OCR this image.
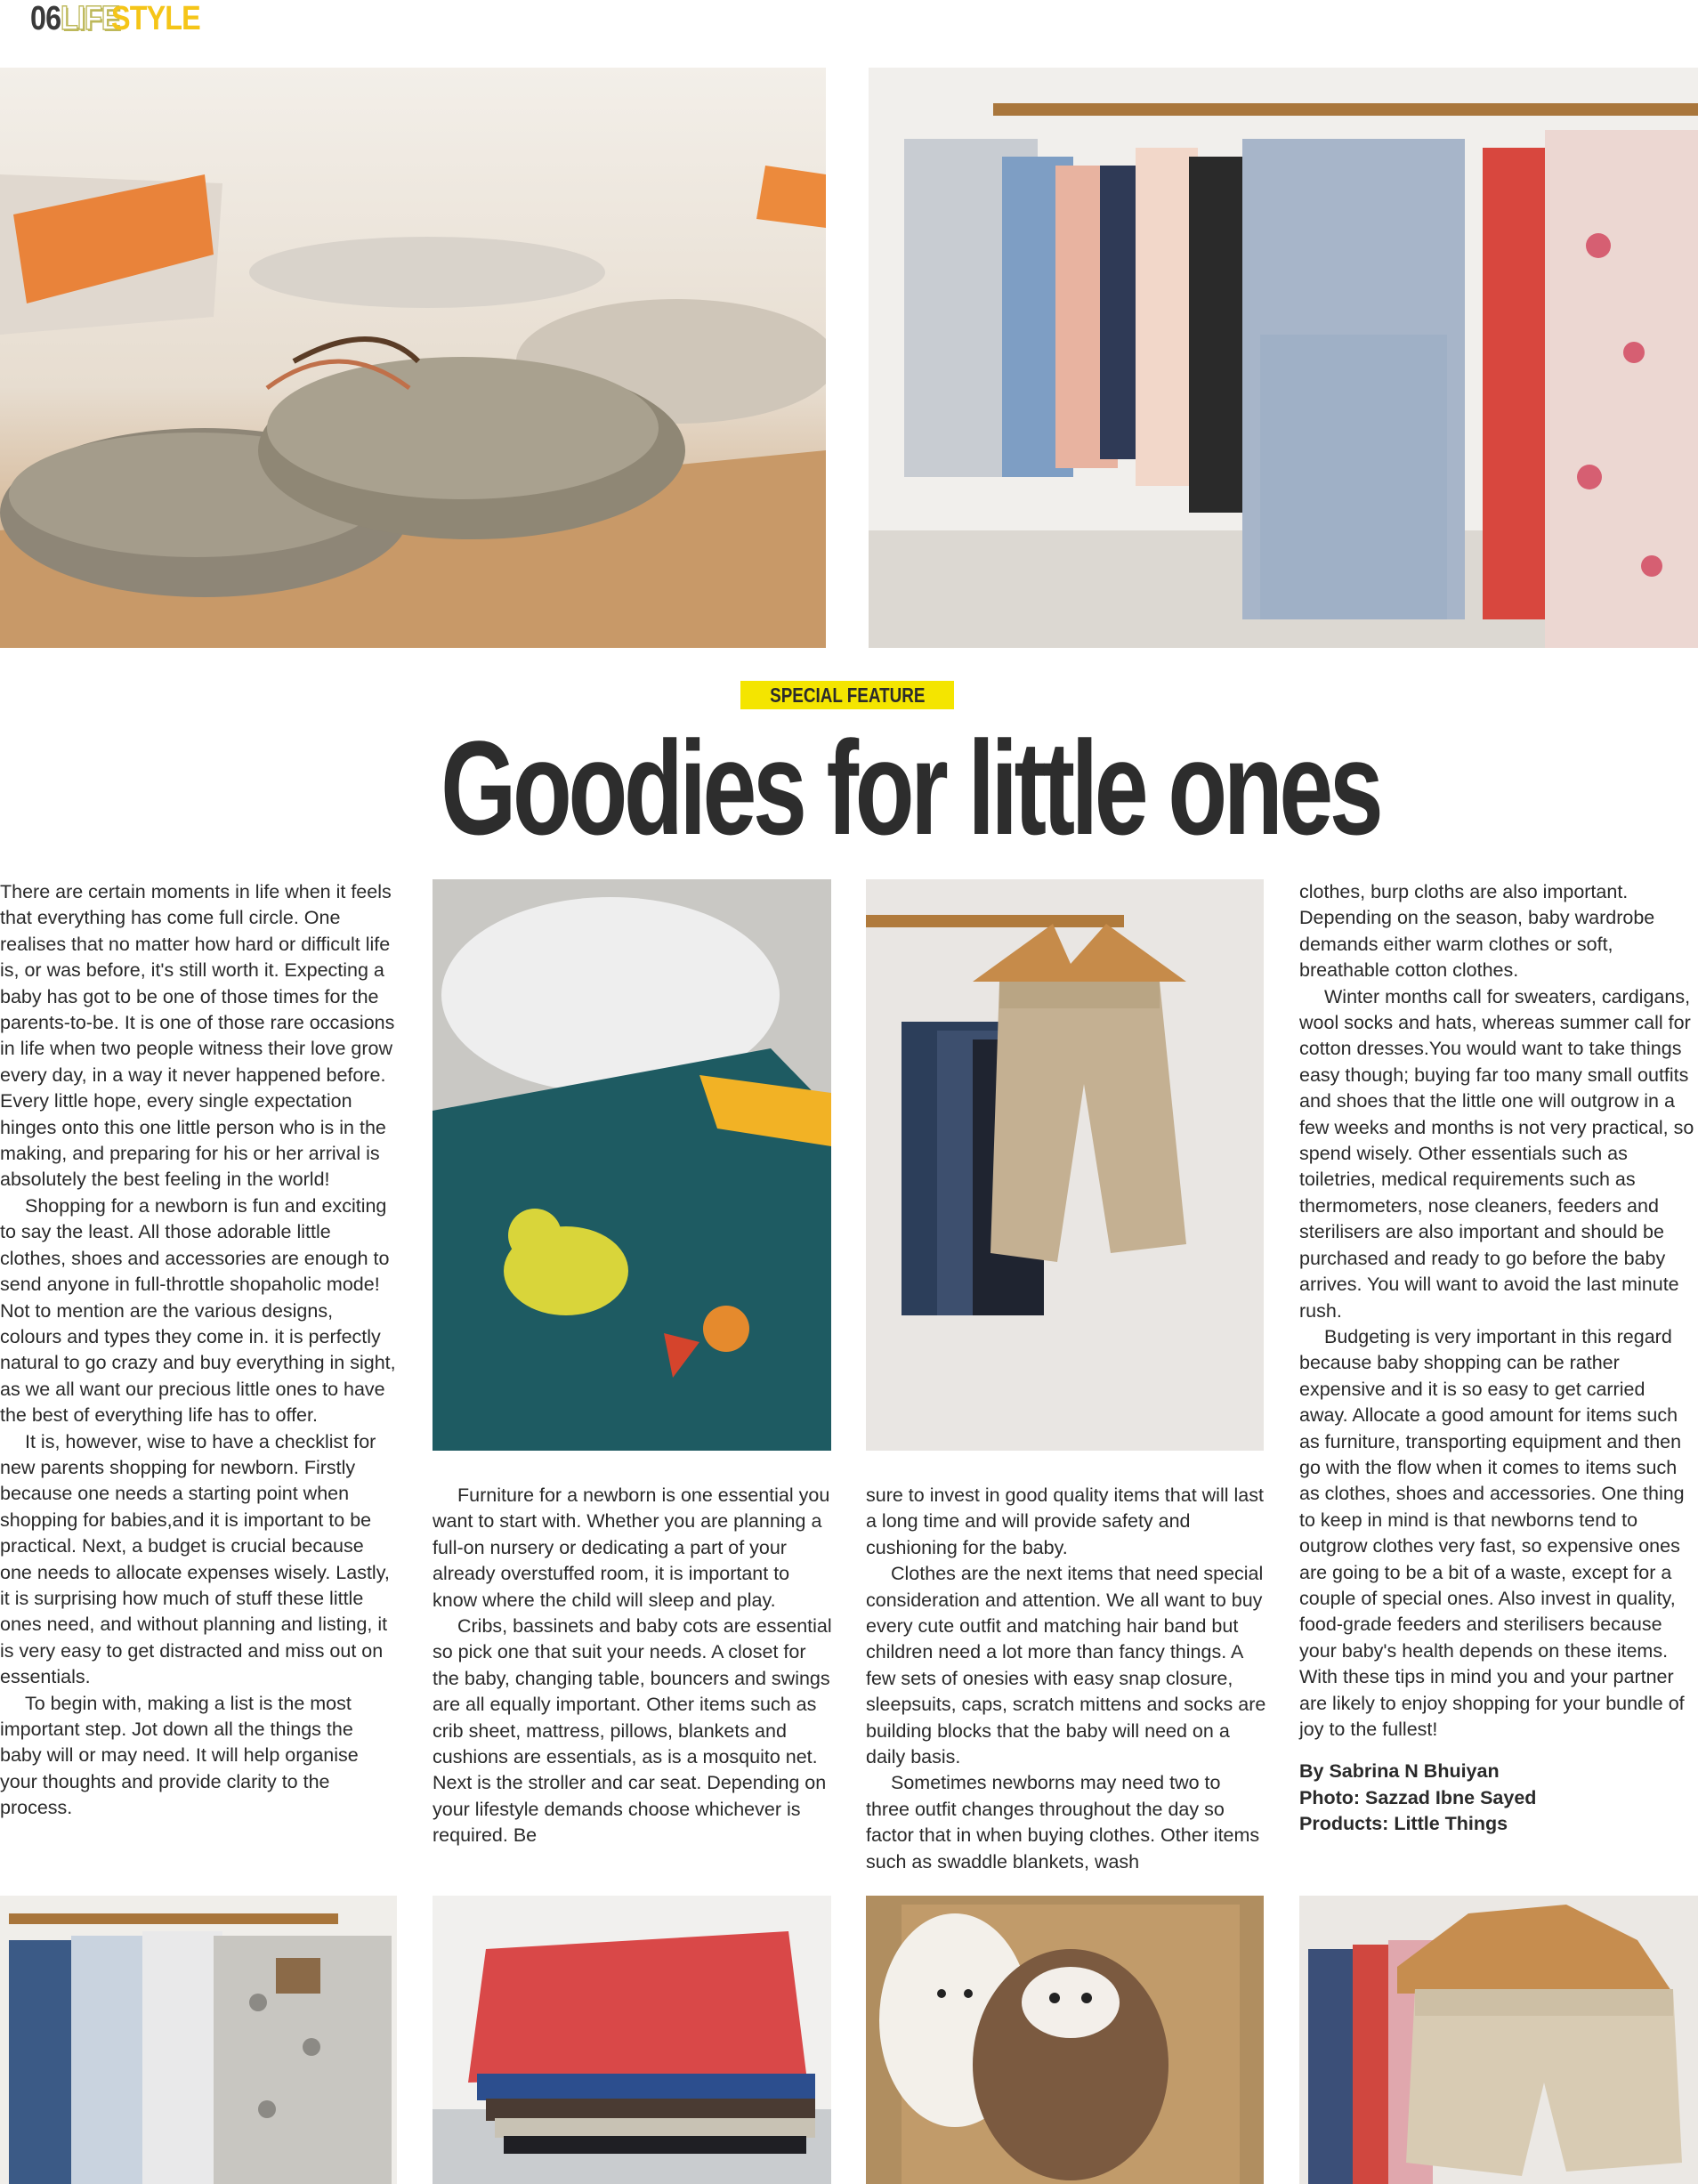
06 LIFE
STYLE
SPECIAL FEATURE
Goodies for little ones

There are certain moments in life when it feels that everything has come full circle. One realises that no matter how hard or difficult life is, or was before, it's still worth it. Expecting a baby has got to be one of those times for the parents-to-be. It is one of those rare occasions in life when two people witness their love grow every day, in a way it never happened before. Every little hope, every single expectation hinges onto this one little person who is in the making, and preparing for his or her arrival is absolutely the best feeling in the world!

Shopping for a newborn is fun and exciting to say the least. All those adorable little clothes, shoes and accessories are enough to send anyone in full-throttle shopaholic mode! Not to mention are the various designs, colours and types they come in. it is perfectly natural to go crazy and buy everything in sight, as we all want our precious little ones to have the best of everything life has to offer.

It is, however, wise to have a checklist for new parents shopping for newborn. Firstly because one needs a starting point when shopping for babies,and it is important to be practical. Next, a budget is crucial because one needs to allocate expenses wisely. Lastly, it is surprising how much of stuff these little ones need, and without planning and listing, it is very easy to get distracted and miss out on essentials.

To begin with, making a list is the most important step. Jot down all the things the baby will or may need. It will help organise your thoughts and provide clarity to the process.

Furniture for a newborn is one essential you want to start with. Whether you are planning a full-on nursery or dedicating a part of your already overstuffed room, it is important to know where the child will sleep and play.

Cribs, bassinets and baby cots are essential so pick one that suit your needs. A closet for the baby, changing table, bouncers and swings are all equally important. Other items such as crib sheet, mattress, pillows, blankets and cushions are essentials, as is a mosquito net. Next is the stroller and car seat. Depending on your lifestyle demands choose whichever is required. Be

sure to invest in good quality items that will last a long time and will provide safety and cushioning for the baby.

Clothes are the next items that need special consideration and attention. We all want to buy every cute outfit and matching hair band but children need a lot more than fancy things. A few sets of onesies with easy snap closure, sleepsuits, caps, scratch mittens and socks are building blocks that the baby will need on a daily basis.

Sometimes newborns may need two to three outfit changes throughout the day so factor that in when buying clothes. Other items such as swaddle blankets, wash

clothes, burp cloths are also important. Depending on the season, baby wardrobe demands either warm clothes or soft, breathable cotton clothes.

Winter months call for sweaters, cardigans, wool socks and hats, whereas summer call for cotton dresses.You would want to take things easy though; buying far too many small outfits and shoes that the little one will outgrow in a few weeks and months is not very practical, so spend wisely. Other essentials such as toiletries, medical requirements such as thermometers, nose cleaners, feeders and sterilisers are also important and should be purchased and ready to go before the baby arrives. You will want to avoid the last minute rush.

Budgeting is very important in this regard because baby shopping can be rather expensive and it is so easy to get carried away. Allocate a good amount for items such as furniture, transporting equipment and then go with the flow when it comes to items such as clothes, shoes and accessories. One thing to keep in mind is that newborns tend to outgrow clothes very fast, so expensive ones are going to be a bit of a waste, except for a couple of special ones. Also invest in quality, food-grade feeders and sterilisers because your baby's health depends on these items. With these tips in mind you and your partner are likely to enjoy shopping for your bundle of joy to the fullest!

By Sabrina N Bhuiyan

Photo: Sazzad Ibne Sayed

Products: Little Things
